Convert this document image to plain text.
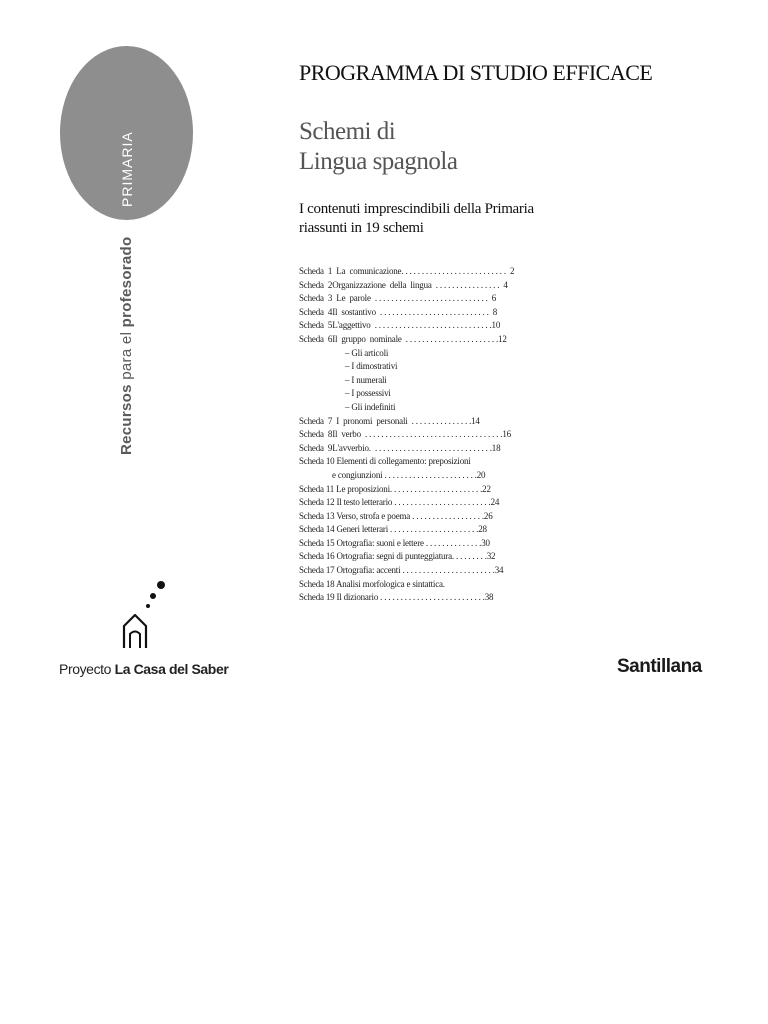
PRIMARIA
Recursos para el profesorado
Proyecto La Casa del Saber	Santillana
PROGRAMMA DI STUDIO EFFICACE
Schemi di
Lingua spagnola
I contenuti imprescindibili della Primaria
riassunti in 19 schemi
Scheda  1  La  comunicazione. . . . . . . . . . . . . . . . . . . . . . . . . .  2
Scheda  2Organizzazione  della  lingua  . . . . . . . . . . . . . . . .  4
Scheda  3  Le  parole  . . . . . . . . . . . . . . . . . . . . . . . . . . . .  6
Scheda  4Il  sostantivo  . . . . . . . . . . . . . . . . . . . . . . . . . . .  8
Scheda  5L'aggettivo  . . . . . . . . . . . . . . . . . . . . . . . . . . . . .10
Scheda  6Il  gruppo  nominale  . . . . . . . . . . . . . . . . . . . . . . .12
– Gli articoli
– I dimostrativi
– I numerali
– I possessivi
– Gli indefiniti
Scheda  7  I  pronomi  personali  . . . . . . . . . . . . . . .14
Scheda  8Il  verbo  . . . . . . . . . . . . . . . . . . . . . . . . . . . . . . . . . .16
Scheda  9L'avverbio.  . . . . . . . . . . . . . . . . . . . . . . . . . . . . .18
Scheda 10 Elementi di collegamento: preposizioni
e congiunzioni . . . . . . . . . . . . . . . . . . . . . . .20
Scheda 11 Le proposizioni. . . . . . . . . . . . . . . . . . . . . . .22
Scheda 12 Il testo letterario . . . . . . . . . . . . . . . . . . . . . . . .24
Scheda 13 Verso, strofa e poema . . . . . . . . . . . . . . . . . .26
Scheda 14 Generi letterari . . . . . . . . . . . . . . . . . . . . . .28
Scheda 15 Ortografia: suoni e lettere . . . . . . . . . . . . . .30
Scheda 16 Ortografia: segni di punteggiatura. . . . . . . . .32
Scheda 17 Ortografia: accenti . . . . . . . . . . . . . . . . . . . . . . .34
Scheda 18 Analisi morfologica e sintattica.
Scheda 19 Il dizionario . . . . . . . . . . . . . . . . . . . . . . . . . .38
